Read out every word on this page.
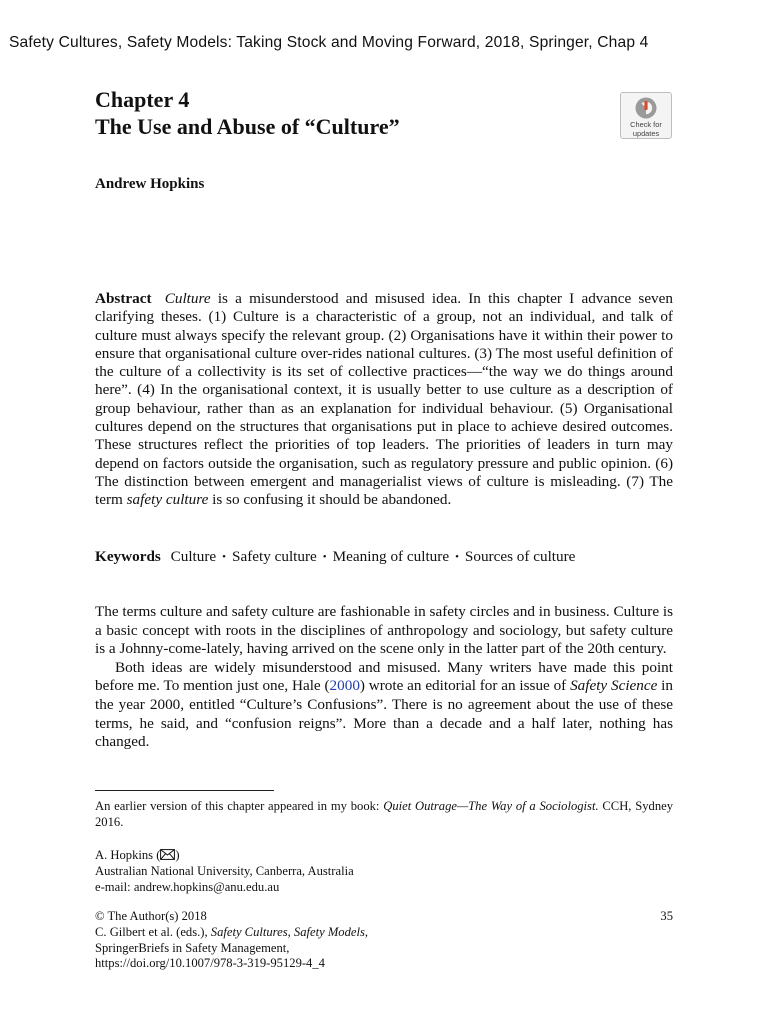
Safety Cultures, Safety Models: Taking Stock and Moving Forward, 2018, Springer, Chap 4
Chapter 4
The Use and Abuse of “Culture”	Check for
updates
Andrew Hopkins

Abstract Culture is a misunderstood and misused idea. In this chapter I advance seven clarifying theses. (1) Culture is a characteristic of a group, not an individual, and talk of culture must always specify the relevant group. (2) Organisations have it within their power to ensure that organisational culture over-rides national cultures. (3) The most useful definition of the culture of a collectivity is its set of collective practices—“the way we do things around here”. (4) In the organisational context, it is usually better to use culture as a description of group behaviour, rather than as an explanation for individual behaviour. (5) Organisational cultures depend on the structures that organisations put in place to achieve desired outcomes. These structures reflect the priorities of top leaders. The priorities of leaders in turn may depend on factors outside the organisation, such as regulatory pressure and public opinion. (6) The distinction between emergent and managerialist views of culture is misleading. (7) The term safety culture is so confusing it should be abandoned.

Keywords Culture • Safety culture • Meaning of culture • Sources of culture

The terms culture and safety culture are fashionable in safety circles and in business. Culture is a basic concept with roots in the disciplines of anthropology and sociology, but safety culture is a Johnny-come-lately, having arrived on the scene only in the latter part of the 20th century.

Both ideas are widely misunderstood and misused. Many writers have made this point before me. To mention just one, Hale (2000) wrote an editorial for an issue of Safety Science in the year 2000, entitled “Culture’s Confusions”. There is no agreement about the use of these terms, he said, and “confusion reigns”. More than a decade and a half later, nothing has changed.

An earlier version of this chapter appeared in my book: Quiet Outrage—The Way of a Sociologist. CCH, Sydney 2016.

A. Hopkins ( )
Australian National University, Canberra, Australia
e-mail: andrew.hopkins@anu.edu.au
© The Author(s) 2018
C. Gilbert et al. (eds.), Safety Cultures, Safety Models,
SpringerBriefs in Safety Management,
https://doi.org/10.1007/978-3-319-95129-4_4
35
